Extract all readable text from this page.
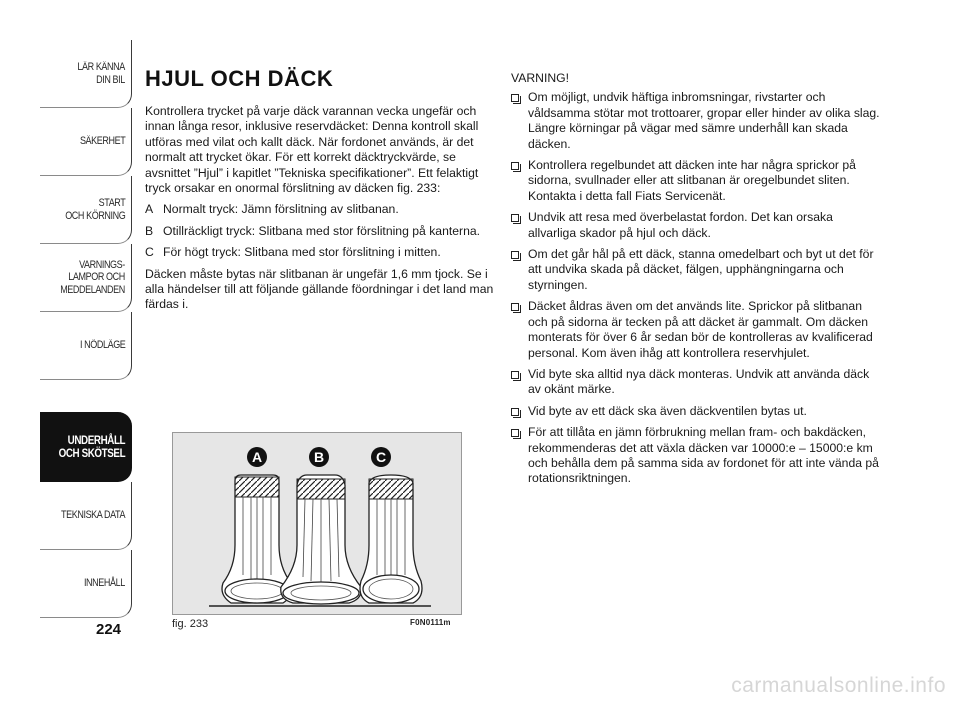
LÄR KÄNNA
DIN BIL
SÄKERHET
START
OCH KÖRNING
VARNINGS-
LAMPOR OCH
MEDDELANDEN
I NÖDLÄGE
UNDERHÅLL
OCH SKÖTSEL
TEKNISKA DATA
INNEHÅLL
224
HJUL OCH DÄCK

Kontrollera trycket på varje däck varannan vecka ungefär och innan långa resor, inklusive reservdäcket: Denna kontroll skall utföras med vilat och kallt däck. När fordonet används, är det normalt att trycket ökar. För ett korrekt däcktryckvärde, se avsnittet ”Hjul” i kapitlet ”Tekniska specifikationer”. Ett felaktigt tryck orsakar en onormal förslitning av däcken fig. 233:

A Normalt tryck: Jämn förslitning av slitbanan.
B Otillräckligt tryck: Slitbana med stor förslitning på kanterna.
C För högt tryck: Slitbana med stor förslitning i mitten.

Däcken måste bytas när slitbanan är ungefär 1,6 mm tjock. Se i alla händelser till att följande gällande föordningar i det land man färdas i.

A	B	C
fig. 233	F0N0111m
VARNING!
Om möjligt, undvik häftiga inbromsningar, rivstarter och våldsamma stötar mot trottoarer, gropar eller hinder av olika slag. Längre körningar på vägar med sämre underhåll kan skada däcken.
Kontrollera regelbundet att däcken inte har några sprickor på sidorna, svullnader eller att slitbanan är oregelbundet sliten. Kontakta i detta fall Fiats Servicenät.
Undvik att resa med överbelastat fordon. Det kan orsaka allvarliga skador på hjul och däck.
Om det går hål på ett däck, stanna omedelbart och byt ut det för att undvika skada på däcket, fälgen, upphängningarna och styrningen.
Däcket åldras även om det används lite. Sprickor på slitbanan och på sidorna är tecken på att däcket är gammalt. Om däcken monterats för över 6 år sedan bör de kontrolleras av kvalificerad personal. Kom även ihåg att kontrollera reservhjulet.
Vid byte ska alltid nya däck monteras. Undvik att använda däck av okänt märke.
Vid byte av ett däck ska även däckventilen bytas ut.
För att tillåta en jämn förbrukning mellan fram- och bakdäcken, rekommenderas det att växla däcken var 10000:e – 15000:e km och behålla dem på samma sida av fordonet för att inte vända på rotationsriktningen.
carmanualsonline.info
